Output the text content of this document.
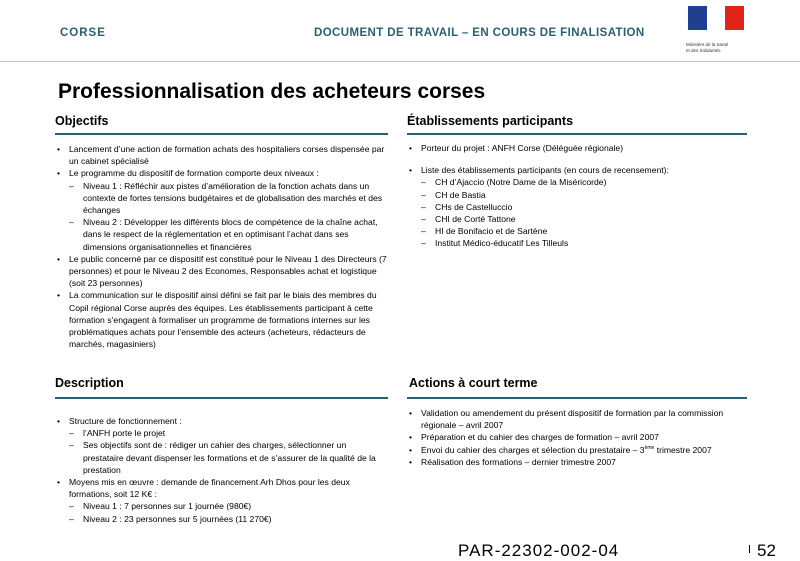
CORSE	DOCUMENT DE TRAVAIL – EN COURS DE FINALISATION
Ministère de la Santé
et des Solidarités
Professionnalisation des acheteurs corses
Objectifs
• Lancement d’une action de formation achats des hospitaliers corses dispensée par un cabinet spécialisé
• Le programme du dispositif de formation comporte deux niveaux :
– Niveau 1 : Réfléchir aux pistes d’amélioration de la fonction achats dans un contexte de fortes tensions budgétaires et de globalisation des marchés et des échanges
– Niveau 2 : Développer les différents blocs de compétence de la chaîne achat, dans le respect de la réglementation et en optimisant l’achat dans ses dimensions organisationnelles et financières
• Le public concerné par ce dispositif est constitué pour le Niveau 1 des Directeurs (7 personnes) et pour le Niveau 2 des Economes, Responsables achat et logistique (soit 23 personnes)
• La communication sur le dispositif ainsi défini se fait par le biais des membres du Copil régional Corse auprès des équipes. Les établissements participant à cette formation s’engagent à formaliser un programme de formations internes sur les problématiques achats pour l’ensemble des acteurs (acheteurs, rédacteurs de marchés, magasiniers)
Établissements participants
• Porteur du projet : ANFH Corse (Déléguée régionale)
• Liste des établissements participants (en cours de recensement):
– CH d’Ajaccio (Notre Dame de la Miséricorde)
– CH de Bastia
– CHs de Castelluccio
– CHI de Corté Tattone
– HI de Bonifacio et de Sartène
– Institut Médico-éducatif Les Tilleuls
Description
• Structure de fonctionnement :
– l’ANFH porte le projet
– Ses objectifs sont de : rédiger un cahier des charges, sélectionner un prestataire devant dispenser les formations et de s’assurer de la qualité de la prestation
• Moyens mis en œuvre : demande de financement Arh Dhos pour les deux formations, soit 12 K€ :
– Niveau 1 : 7 personnes sur 1 journée (980€)
– Niveau 2 : 23 personnes sur 5 journées (11 270€)
Actions à court terme
• Validation ou amendement du présent dispositif de formation par la commission régionale – avril 2007
• Préparation et du cahier des charges de formation – avril 2007
• Envoi du cahier des charges et sélection du prestataire – 3ème trimestre 2007
• Réalisation des formations – dernier trimestre 2007
PAR-22302-002-04	52
